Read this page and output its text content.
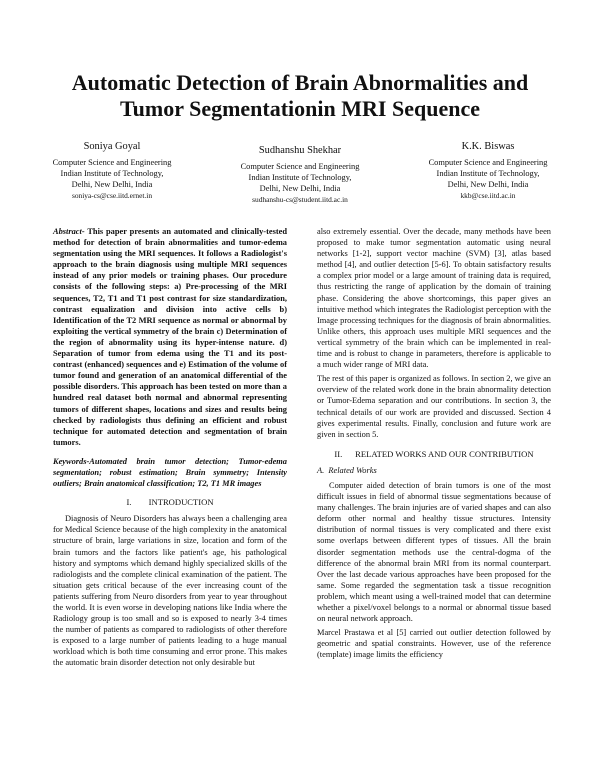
Automatic Detection of Brain Abnormalities and
Tumor Segmentationin MRI Sequence
Soniya Goyal
Computer Science and Engineering
Indian Institute of Technology,
Delhi, New Delhi, India
soniya-cs@cse.iitd.ernet.in
Sudhanshu Shekhar
Computer Science and Engineering
Indian Institute of Technology,
Delhi, New Delhi, India
sudhanshu-cs@student.iitd.ac.in
K.K. Biswas
Computer Science and Engineering
Indian Institute of Technology,
Delhi, New Delhi, India
kkb@cse.iitd.ac.in

Abstract- This paper presents an automated and clinically-tested method for detection of brain abnormalities and tumor-edema segmentation using the MRI sequences. It follows a Radiologist's approach to the brain diagnosis using multiple MRI sequences instead of any prior models or training phases. Our procedure consists of the following steps: a) Pre-processing of the MRI sequences, T2, T1 and T1 post contrast for size standardization, contrast equalization and division into active cells b) Identification of the T2 MRI sequence as normal or abnormal by exploiting the vertical symmetry of the brain c) Determination of the region of abnormality using its hyper-intense nature. d) Separation of tumor from edema using the T1 and its post-contrast (enhanced) sequences and e) Estimation of the volume of tumor found and generation of an anatomical differential of the possible disorders. This approach has been tested on more than a hundred real dataset both normal and abnormal representing tumors of different shapes, locations and sizes and results being checked by radiologists thus defining an efficient and robust technique for automated detection and segmentation of brain tumors.

Keywords-Automated brain tumor detection; Tumor-edema segmentation; robust estimation; Brain symmetry; Intensity outliers; Brain anatomical classification; T2, T1 MR images

I.        INTRODUCTION

Diagnosis of Neuro Disorders has always been a challenging area for Medical Science because of the high complexity in the anatomical structure of brain, large variations in size, location and form of the brain tumors and the factors like patient's age, his pathological history and symptoms which demand highly specialized skills of the radiologists and the complete clinical examination of the patient. The situation gets critical because of the ever increasing count of the patients suffering from Neuro disorders from year to year throughout the world. It is even worse in developing nations like India where the Radiology group is too small and so is exposed to nearly 3-4 times the number of patients as compared to radiologists of other therefore is exposed to a large number of patients leading to a huge manual workload which is both time consuming and error prone. This makes the automatic brain disorder detection not only desirable but

also extremely essential. Over the decade, many methods have been proposed to make tumor segmentation automatic using neural networks [1-2], support vector machine (SVM) [3], atlas based method [4], and outlier detection [5-6]. To obtain satisfactory results a complex prior model or a large amount of training data is required, thus restricting the range of application by the domain of training phase. Considering the above shortcomings, this paper gives an intuitive method which integrates the Radiologist perception with the Image processing techniques for the diagnosis of brain abnormalities. Unlike others, this approach uses multiple MRI sequences and the vertical symmetry of the brain which can be implemented in real-time and is robust to change in parameters, therefore is applicable to a much wider range of MRI data.

The rest of this paper is organized as follows. In section 2, we give an overview of the related work done in the brain abnormality detection or Tumor-Edema separation and our contributions. In section 3, the technical details of our work are provided and discussed. Section 4 gives experimental results. Finally, conclusion and future work are given in section 5.

II.      RELATED WORKS AND OUR CONTRIBUTION
A.  Related Works

Computer aided detection of brain tumors is one of the most difficult issues in field of abnormal tissue segmentations because of many challenges. The brain injuries are of varied shapes and can also deform other normal and healthy tissue structures. Intensity distribution of normal tissues is very complicated and there exist some overlaps between different types of tissues. All the brain disorder segmentation methods use the central-dogma of the difference of the abnormal brain MRI from its normal counterpart. Over the last decade various approaches have been proposed for the same. Some regarded the segmentation task a tissue recognition problem, which meant using a well-trained model that can determine whether a pixel/voxel belongs to a normal or abnormal tissue based on neural network approach.

Marcel Prastawa et al [5] carried out outlier detection followed by geometric and spatial constraints. However, use of the reference (template) image limits the efficiency
